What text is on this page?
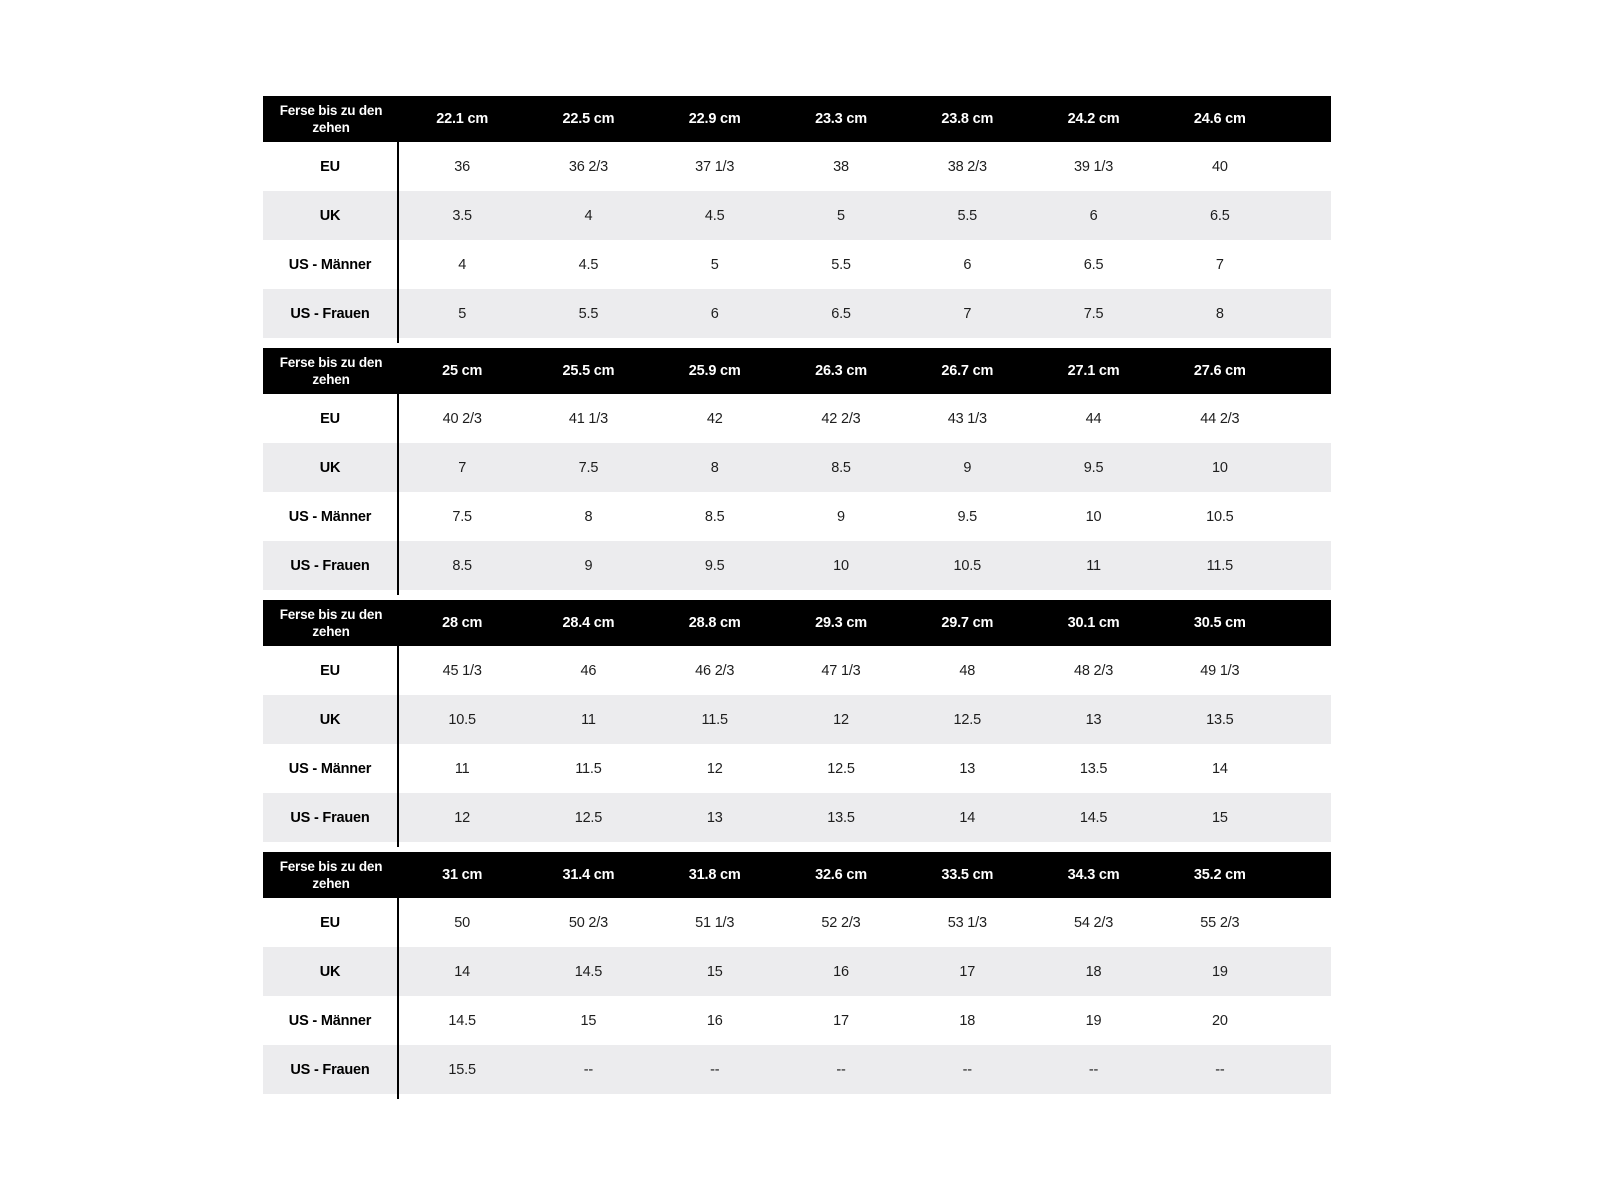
Ferse bis zu den zehen
22.1 cm	22.5 cm	22.9 cm	23.3 cm	23.8 cm	24.2 cm	24.6 cm
EU	36	36 2/3	37 1/3	38	38 2/3	39 1/3	40
UK	3.5	4	4.5	5	5.5	6	6.5
US - Männer	4	4.5	5	5.5	6	6.5	7
US - Frauen	5	5.5	6	6.5	7	7.5	8
Ferse bis zu den zehen
25 cm	25.5 cm	25.9 cm	26.3 cm	26.7 cm	27.1 cm	27.6 cm
EU	40 2/3	41 1/3	42	42 2/3	43 1/3	44	44 2/3
UK	7	7.5	8	8.5	9	9.5	10
US - Männer	7.5	8	8.5	9	9.5	10	10.5
US - Frauen	8.5	9	9.5	10	10.5	11	11.5
Ferse bis zu den zehen
28 cm	28.4 cm	28.8 cm	29.3 cm	29.7 cm	30.1 cm	30.5 cm
EU	45 1/3	46	46 2/3	47 1/3	48	48 2/3	49 1/3
UK	10.5	11	11.5	12	12.5	13	13.5
US - Männer	11	11.5	12	12.5	13	13.5	14
US - Frauen	12	12.5	13	13.5	14	14.5	15
Ferse bis zu den zehen
31 cm	31.4 cm	31.8 cm	32.6 cm	33.5 cm	34.3 cm	35.2 cm
EU	50	50 2/3	51 1/3	52 2/3	53 1/3	54 2/3	55 2/3
UK	14	14.5	15	16	17	18	19
US - Männer	14.5	15	16	17	18	19	20
US - Frauen	15.5	--	--	--	--	--	--
